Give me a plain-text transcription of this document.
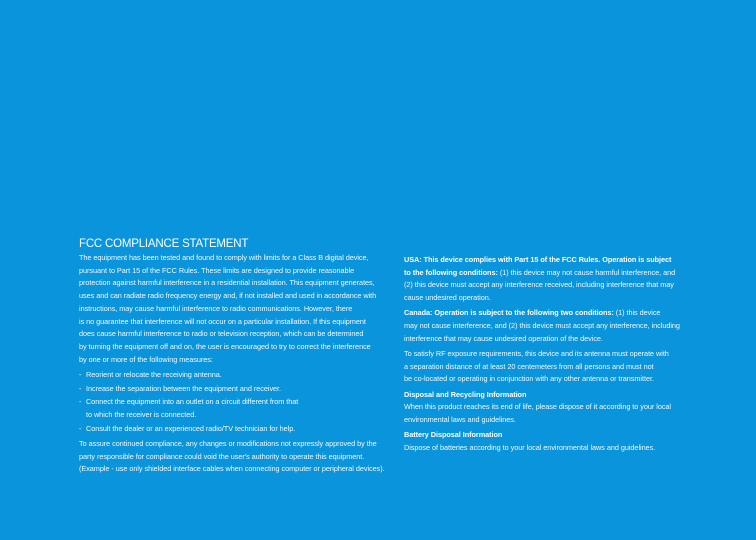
FCC COMPLIANCE STATEMENT
The equipment has been tested and found to comply with limits for a Class B digital device,
pursuant to Part 15 of the FCC Rules. These limits are designed to provide reasonable
protection against harmful interference in a residential installation. This equipment generates,
uses and can radiate radio frequency energy and, if not installed and used in accordance with
instructions, may cause harmful interference to radio communications. However, there
is no guarantee that interference will not occur on a particular installation. If this equipment
does cause harmful interference to radio or television reception, which can be determined
by turning the equipment off and on, the user is encouraged to try to correct the interference
by one or more of the following measures:
- Reorient or relocate the receiving antenna.
- Increase the separation between the equipment and receiver.
- Connect the equipment into an outlet on a circuit different from that
to which the receiver is connected.
- Consult the dealer or an experienced radio/TV technician for help.
To assure continued compliance, any changes or modifications not expressly approved by the
party responsible for compliance could void the user's authority to operate this equipment.
(Example - use only shielded interface cables when connecting computer or peripheral devices).
USA: This device complies with Part 15 of the FCC Rules. Operation is subject
to the following conditions: (1) this device may not cause harmful interference, and
(2) this device must accept any interference received, including interference that may
cause undesired operation.
Canada: Operation is subject to the following two conditions: (1) this device
may not cause interference, and (2) this device must accept any interference, including
interference that may cause undesired operation of the device.
To satisfy RF exposure requirements, this device and its antenna must operate with
a separation distance of at least 20 centemeters from all persons and must not
be co-located or operating in conjunction with any other antenna or transmitter.
Disposal and Recycling Information
When this product reaches its end of life, please dispose of it according to your local
environmental laws and guidelines.
Battery Disposal Information
Dispose of batteries according to your local environmental laws and guidelines.
